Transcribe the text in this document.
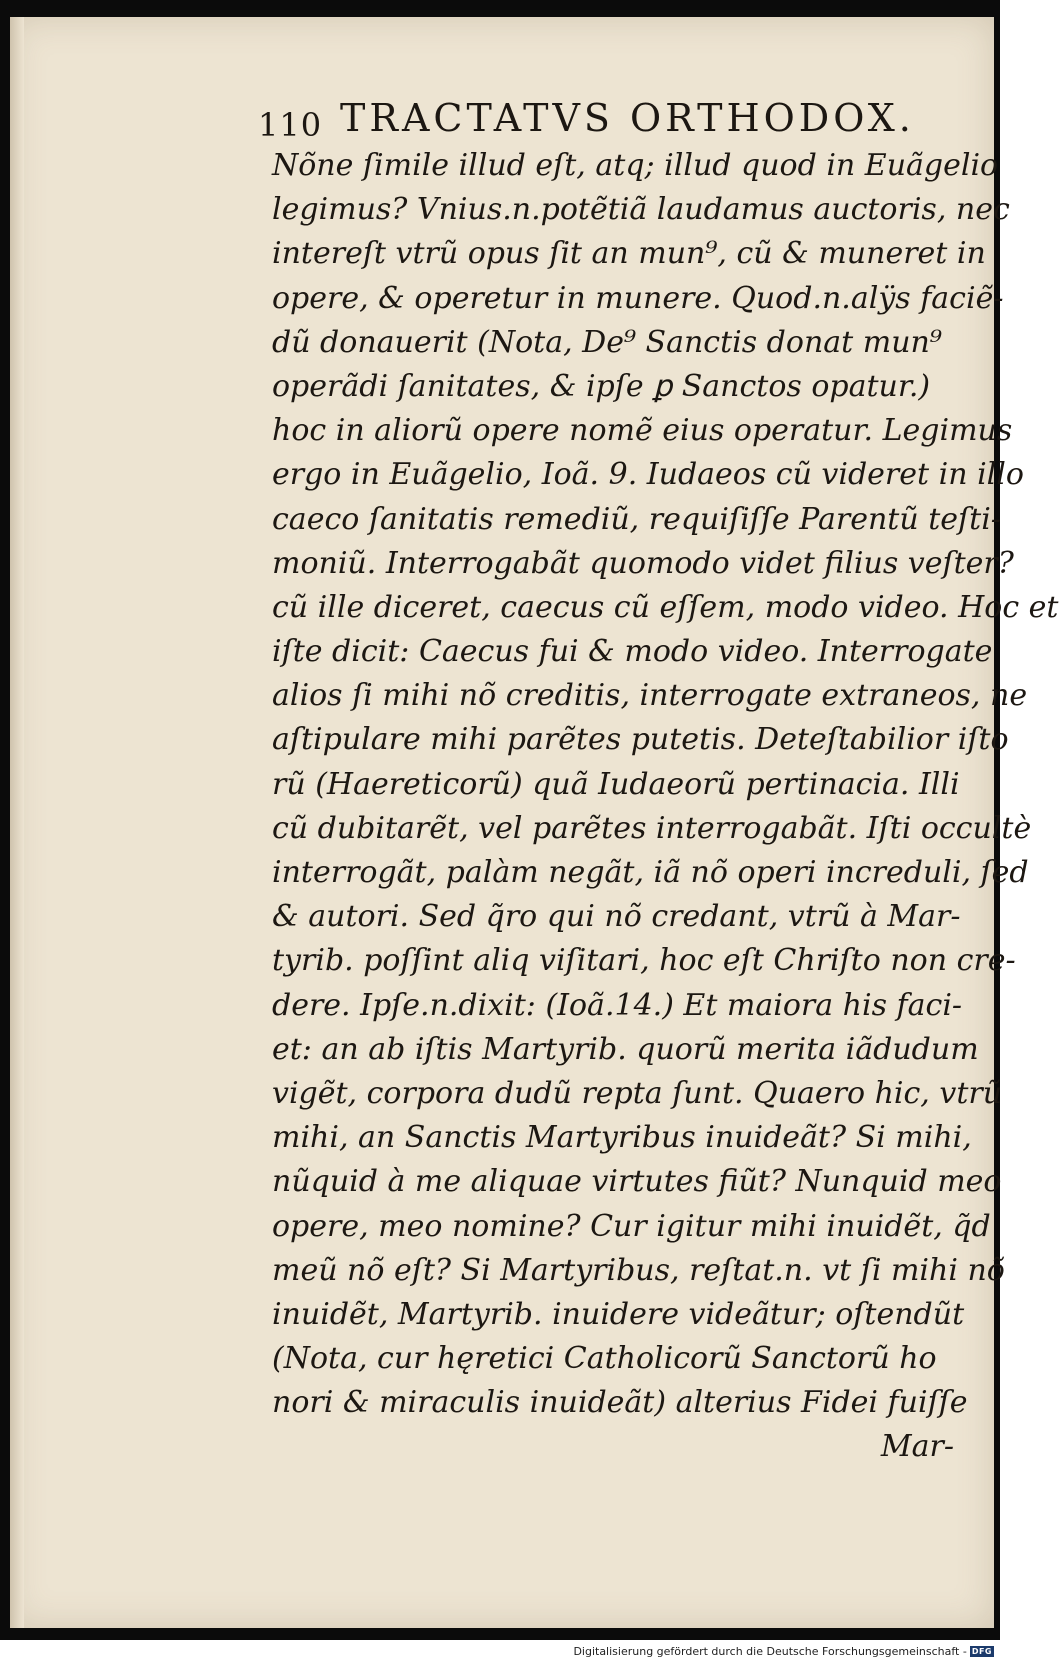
110 TRACTATVS ORTHODOX.
Nõne ſimile illud eſt, atq; illud quod in Euãgelio
legimus? Vnius.n.potẽtiã laudamus auctoris, nec
intereſt vtrũ opus ſit an mun⁹, cũ & muneret in
opere, & operetur in munere. Quod.n.alÿs faciẽ-
dũ donauerit (Nota, De⁹ Sanctis donat mun⁹
operãdi ſanitates, & ipſe ꝑ Sanctos opatur.)
hoc in aliorũ opere nomẽ eius operatur. Legimus
ergo in Euãgelio, Ioã. 9. Iudaeos cũ videret in illo
caeco ſanitatis remediũ, requiſiſſe Parentũ teſti-
moniũ. Interrogabãt quomodo videt filius veſter?
cũ ille diceret, caecus cũ eſſem, modo video. Hoc et
iſte dicit: Caecus fui & modo video. Interrogate
alios ſi mihi nõ creditis, interrogate extraneos, ne
aſtipulare mihi parẽtes putetis. Deteſtabilior iſto
rũ (Haereticorũ) quã Iudaeorũ pertinacia. Illi
cũ dubitarẽt, vel parẽtes interrogabãt. Iſti occultè
interrogãt, palàm negãt, iã nõ operi increduli, ſed
& autori. Sed q̃ro qui nõ credant, vtrũ à Mar-
tyrib. poſſint aliq viſitari, hoc eſt Chriſto non cre-
dere. Ipſe.n.dixit: (Ioã.14.) Et maiora his faci-
et: an ab iſtis Martyrib. quorũ merita iãdudum
vigẽt, corpora dudũ repta ſunt. Quaero hic, vtrũ
mihi, an Sanctis Martyribus inuideãt? Si mihi,
nũquid à me aliquae virtutes fiũt? Nunquid meo
opere, meo nomine? Cur igitur mihi inuidẽt, q̃d
meũ nõ eſt? Si Martyribus, reſtat.n. vt ſi mihi nõ
inuidẽt, Martyrib. inuidere videãtur; oſtendũt
(Nota, cur hęretici Catholicorũ Sanctorũ ho
nori & miraculis inuideãt) alterius Fidei fuiſſe
Mar-
Digitalisierung gefördert durch die Deutsche Forschungsgemeinschaft - DFG
